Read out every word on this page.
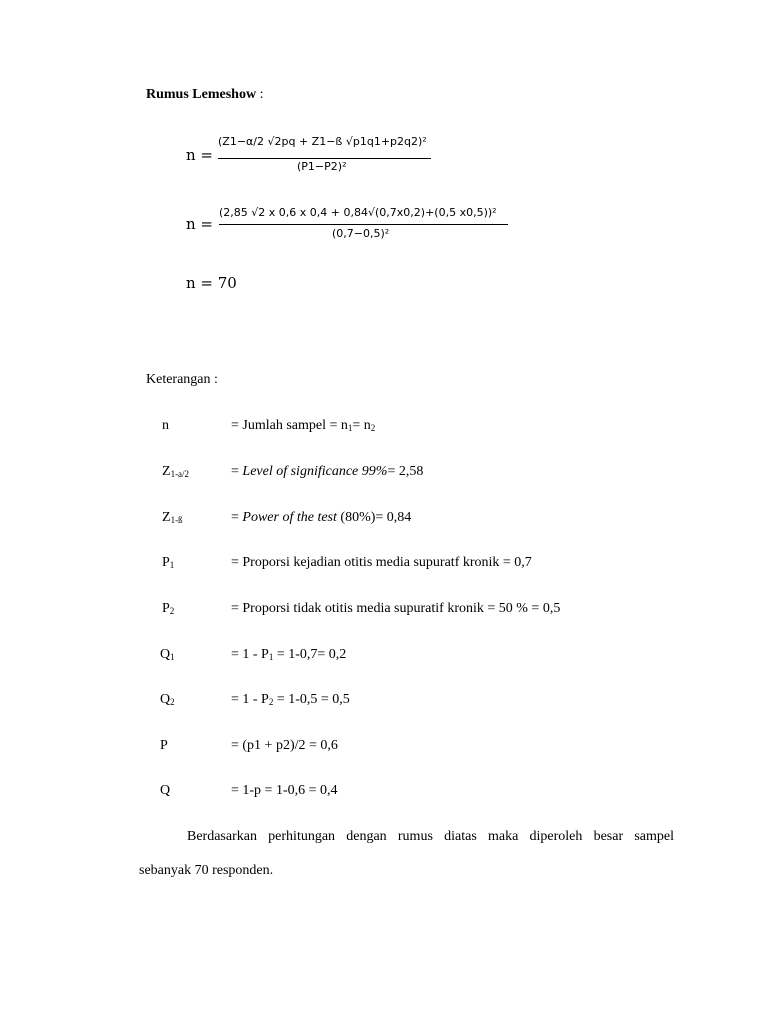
Rumus Lemeshow :
n =
(Z1−α/2 √2pq + Z1−ß √p1q1+p2q2)²
(P1−P2)²
n =
(2,85 √2 x 0,6 x 0,4 + 0,84√(0,7x0,2)+(0,5 x0,5))²
(0,7−0,5)²
n = 70
Keterangan :
n	= Jumlah sampel = $n_1= n_2$
$Z_{1-a/2}$	= Level of significance 99%= 2,58
$Z_{1-ß}$	= Power of the test (80%)= 0,84
$P_1$	= Proporsi kejadian otitis media supuratf kronik = 0,7
$P_2$	= Proporsi tidak otitis media supuratif kronik = 50 % = 0,5
$Q_1$	= $1 - P_1 = 1-0,7= 0,2$
$Q_2$	= $1 - P_2 = 1-0,5 = 0,5$
P	= (p1 + p2)/2 = 0,6
Q	= 1-p = 1-0,6 = 0,4
Berdasarkan perhitungan dengan rumus diatas maka diperoleh besar sampel
sebanyak 70 responden.
